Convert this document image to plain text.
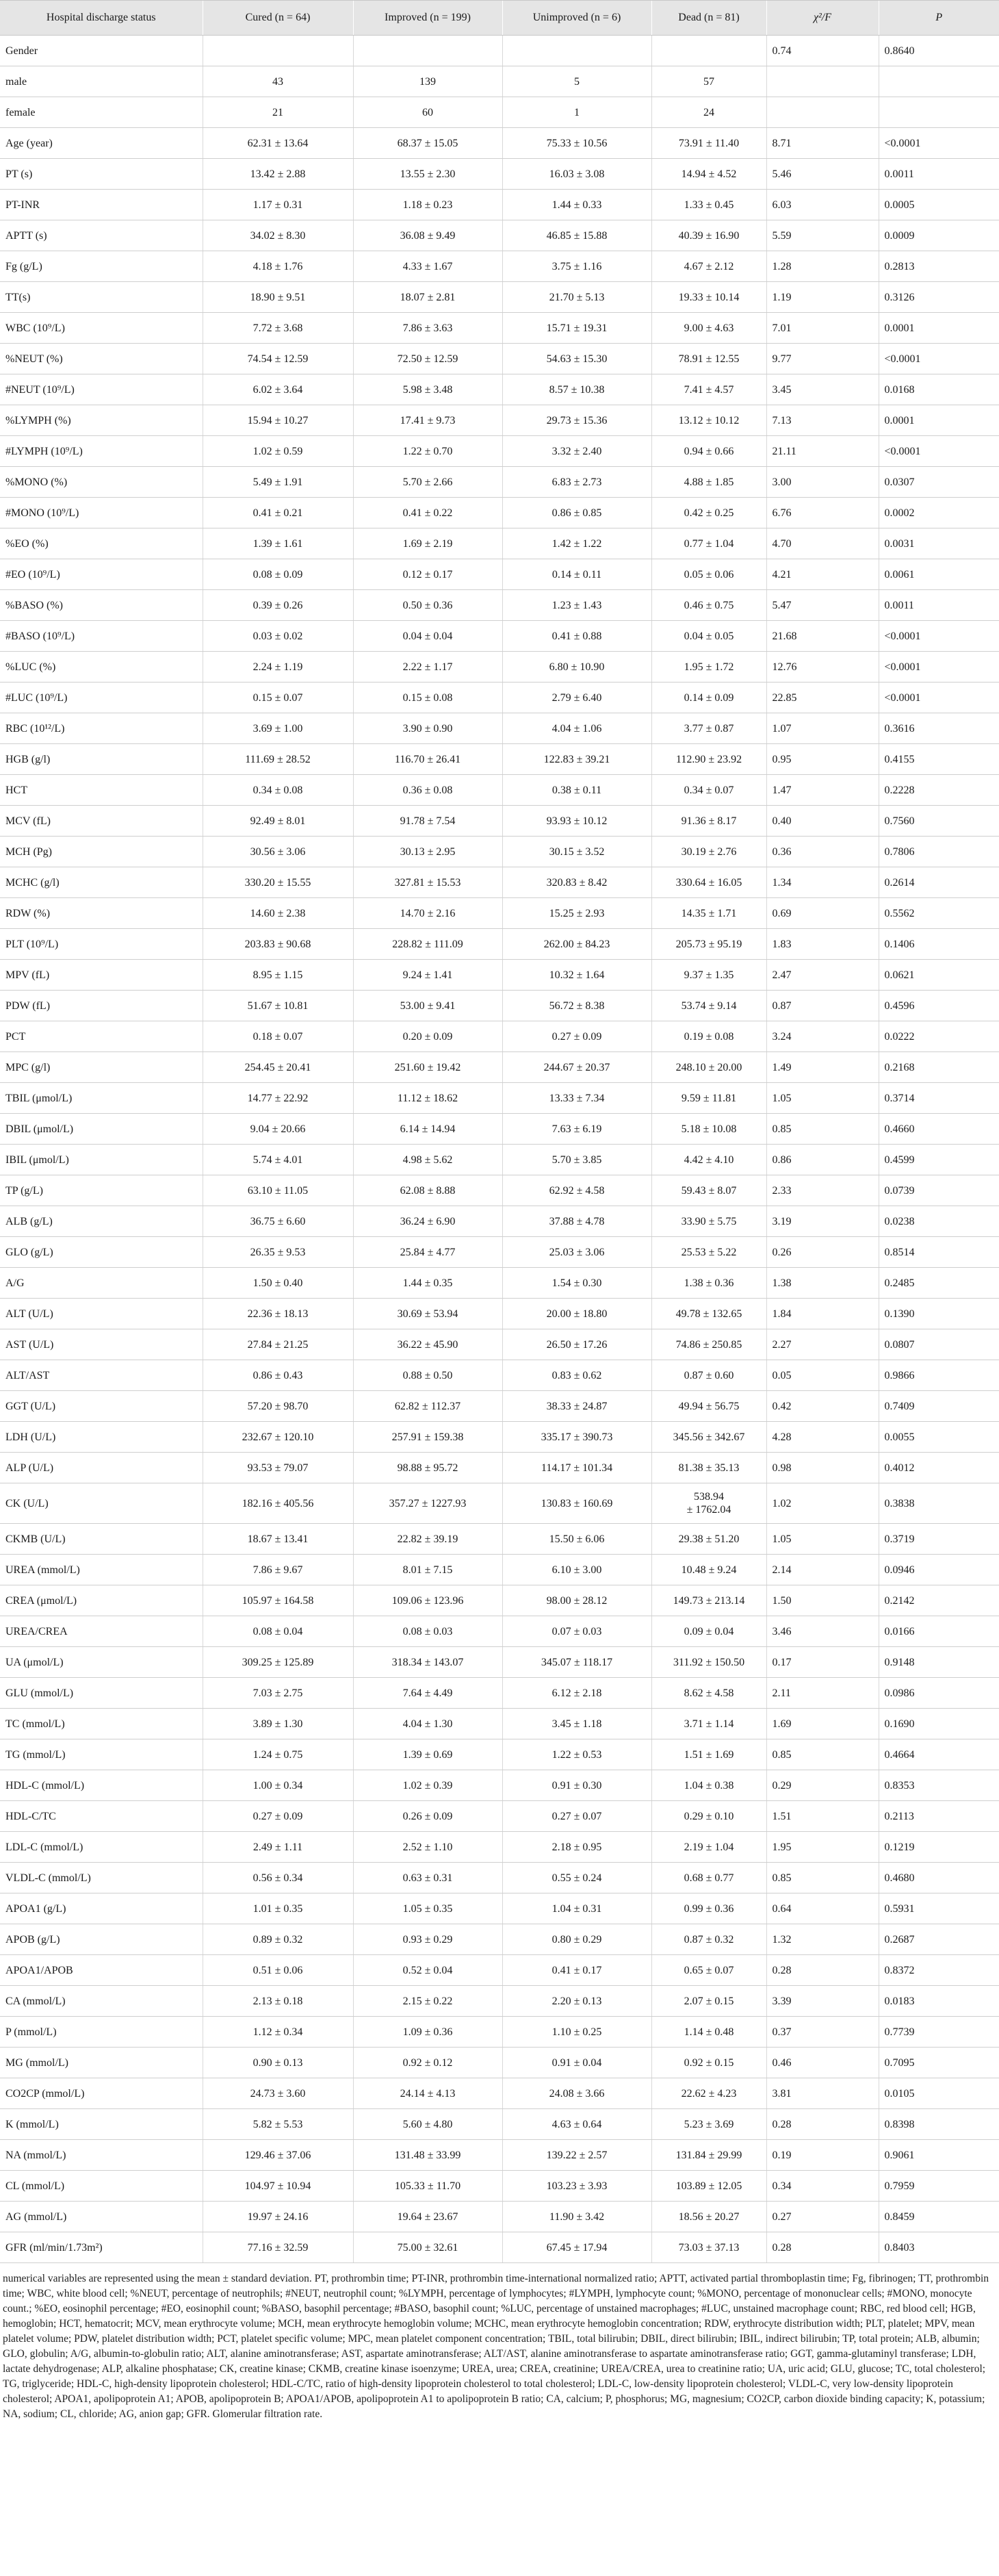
Hospital discharge status	Cured (n = 64)	Improved (n = 199)	Unimproved (n = 6)	Dead (n = 81)	χ²/F	P
Gender					0.74	0.8640
male	43	139	5	57		
female	21	60	1	24		
Age (year)	62.31 ± 13.64	68.37 ± 15.05	75.33 ± 10.56	73.91 ± 11.40	8.71	<0.0001
PT (s)	13.42 ± 2.88	13.55 ± 2.30	16.03 ± 3.08	14.94 ± 4.52	5.46	0.0011
PT-INR	1.17 ± 0.31	1.18 ± 0.23	1.44 ± 0.33	1.33 ± 0.45	6.03	0.0005
APTT (s)	34.02 ± 8.30	36.08 ± 9.49	46.85 ± 15.88	40.39 ± 16.90	5.59	0.0009
Fg (g/L)	4.18 ± 1.76	4.33 ± 1.67	3.75 ± 1.16	4.67 ± 2.12	1.28	0.2813
TT(s)	18.90 ± 9.51	18.07 ± 2.81	21.70 ± 5.13	19.33 ± 10.14	1.19	0.3126
WBC (10⁹/L)	7.72 ± 3.68	7.86 ± 3.63	15.71 ± 19.31	9.00 ± 4.63	7.01	0.0001
%NEUT (%)	74.54 ± 12.59	72.50 ± 12.59	54.63 ± 15.30	78.91 ± 12.55	9.77	<0.0001
#NEUT (10⁹/L)	6.02 ± 3.64	5.98 ± 3.48	8.57 ± 10.38	7.41 ± 4.57	3.45	0.0168
%LYMPH (%)	15.94 ± 10.27	17.41 ± 9.73	29.73 ± 15.36	13.12 ± 10.12	7.13	0.0001
#LYMPH (10⁹/L)	1.02 ± 0.59	1.22 ± 0.70	3.32 ± 2.40	0.94 ± 0.66	21.11	<0.0001
%MONO (%)	5.49 ± 1.91	5.70 ± 2.66	6.83 ± 2.73	4.88 ± 1.85	3.00	0.0307
#MONO (10⁹/L)	0.41 ± 0.21	0.41 ± 0.22	0.86 ± 0.85	0.42 ± 0.25	6.76	0.0002
%EO (%)	1.39 ± 1.61	1.69 ± 2.19	1.42 ± 1.22	0.77 ± 1.04	4.70	0.0031
#EO (10⁹/L)	0.08 ± 0.09	0.12 ± 0.17	0.14 ± 0.11	0.05 ± 0.06	4.21	0.0061
%BASO (%)	0.39 ± 0.26	0.50 ± 0.36	1.23 ± 1.43	0.46 ± 0.75	5.47	0.0011
#BASO (10⁹/L)	0.03 ± 0.02	0.04 ± 0.04	0.41 ± 0.88	0.04 ± 0.05	21.68	<0.0001
%LUC (%)	2.24 ± 1.19	2.22 ± 1.17	6.80 ± 10.90	1.95 ± 1.72	12.76	<0.0001
#LUC (10⁹/L)	0.15 ± 0.07	0.15 ± 0.08	2.79 ± 6.40	0.14 ± 0.09	22.85	<0.0001
RBC (10¹²/L)	3.69 ± 1.00	3.90 ± 0.90	4.04 ± 1.06	3.77 ± 0.87	1.07	0.3616
HGB (g/l)	111.69 ± 28.52	116.70 ± 26.41	122.83 ± 39.21	112.90 ± 23.92	0.95	0.4155
HCT	0.34 ± 0.08	0.36 ± 0.08	0.38 ± 0.11	0.34 ± 0.07	1.47	0.2228
MCV (fL)	92.49 ± 8.01	91.78 ± 7.54	93.93 ± 10.12	91.36 ± 8.17	0.40	0.7560
MCH (Pg)	30.56 ± 3.06	30.13 ± 2.95	30.15 ± 3.52	30.19 ± 2.76	0.36	0.7806
MCHC (g/l)	330.20 ± 15.55	327.81 ± 15.53	320.83 ± 8.42	330.64 ± 16.05	1.34	0.2614
RDW (%)	14.60 ± 2.38	14.70 ± 2.16	15.25 ± 2.93	14.35 ± 1.71	0.69	0.5562
PLT (10⁹/L)	203.83 ± 90.68	228.82 ± 111.09	262.00 ± 84.23	205.73 ± 95.19	1.83	0.1406
MPV (fL)	8.95 ± 1.15	9.24 ± 1.41	10.32 ± 1.64	9.37 ± 1.35	2.47	0.0621
PDW (fL)	51.67 ± 10.81	53.00 ± 9.41	56.72 ± 8.38	53.74 ± 9.14	0.87	0.4596
PCT	0.18 ± 0.07	0.20 ± 0.09	0.27 ± 0.09	0.19 ± 0.08	3.24	0.0222
MPC (g/l)	254.45 ± 20.41	251.60 ± 19.42	244.67 ± 20.37	248.10 ± 20.00	1.49	0.2168
TBIL (μmol/L)	14.77 ± 22.92	11.12 ± 18.62	13.33 ± 7.34	9.59 ± 11.81	1.05	0.3714
DBIL (μmol/L)	9.04 ± 20.66	6.14 ± 14.94	7.63 ± 6.19	5.18 ± 10.08	0.85	0.4660
IBIL (μmol/L)	5.74 ± 4.01	4.98 ± 5.62	5.70 ± 3.85	4.42 ± 4.10	0.86	0.4599
TP (g/L)	63.10 ± 11.05	62.08 ± 8.88	62.92 ± 4.58	59.43 ± 8.07	2.33	0.0739
ALB (g/L)	36.75 ± 6.60	36.24 ± 6.90	37.88 ± 4.78	33.90 ± 5.75	3.19	0.0238
GLO (g/L)	26.35 ± 9.53	25.84 ± 4.77	25.03 ± 3.06	25.53 ± 5.22	0.26	0.8514
A/G	1.50 ± 0.40	1.44 ± 0.35	1.54 ± 0.30	1.38 ± 0.36	1.38	0.2485
ALT (U/L)	22.36 ± 18.13	30.69 ± 53.94	20.00 ± 18.80	49.78 ± 132.65	1.84	0.1390
AST (U/L)	27.84 ± 21.25	36.22 ± 45.90	26.50 ± 17.26	74.86 ± 250.85	2.27	0.0807
ALT/AST	0.86 ± 0.43	0.88 ± 0.50	0.83 ± 0.62	0.87 ± 0.60	0.05	0.9866
GGT (U/L)	57.20 ± 98.70	62.82 ± 112.37	38.33 ± 24.87	49.94 ± 56.75	0.42	0.7409
LDH (U/L)	232.67 ± 120.10	257.91 ± 159.38	335.17 ± 390.73	345.56 ± 342.67	4.28	0.0055
ALP (U/L)	93.53 ± 79.07	98.88 ± 95.72	114.17 ± 101.34	81.38 ± 35.13	0.98	0.4012
CK (U/L)	182.16 ± 405.56	357.27 ± 1227.93	130.83 ± 160.69	538.94
± 1762.04	1.02	0.3838
CKMB (U/L)	18.67 ± 13.41	22.82 ± 39.19	15.50 ± 6.06	29.38 ± 51.20	1.05	0.3719
UREA (mmol/L)	7.86 ± 9.67	8.01 ± 7.15	6.10 ± 3.00	10.48 ± 9.24	2.14	0.0946
CREA (μmol/L)	105.97 ± 164.58	109.06 ± 123.96	98.00 ± 28.12	149.73 ± 213.14	1.50	0.2142
UREA/CREA	0.08 ± 0.04	0.08 ± 0.03	0.07 ± 0.03	0.09 ± 0.04	3.46	0.0166
UA (μmol/L)	309.25 ± 125.89	318.34 ± 143.07	345.07 ± 118.17	311.92 ± 150.50	0.17	0.9148
GLU (mmol/L)	7.03 ± 2.75	7.64 ± 4.49	6.12 ± 2.18	8.62 ± 4.58	2.11	0.0986
TC (mmol/L)	3.89 ± 1.30	4.04 ± 1.30	3.45 ± 1.18	3.71 ± 1.14	1.69	0.1690
TG (mmol/L)	1.24 ± 0.75	1.39 ± 0.69	1.22 ± 0.53	1.51 ± 1.69	0.85	0.4664
HDL-C (mmol/L)	1.00 ± 0.34	1.02 ± 0.39	0.91 ± 0.30	1.04 ± 0.38	0.29	0.8353
HDL-C/TC	0.27 ± 0.09	0.26 ± 0.09	0.27 ± 0.07	0.29 ± 0.10	1.51	0.2113
LDL-C (mmol/L)	2.49 ± 1.11	2.52 ± 1.10	2.18 ± 0.95	2.19 ± 1.04	1.95	0.1219
VLDL-C (mmol/L)	0.56 ± 0.34	0.63 ± 0.31	0.55 ± 0.24	0.68 ± 0.77	0.85	0.4680
APOA1 (g/L)	1.01 ± 0.35	1.05 ± 0.35	1.04 ± 0.31	0.99 ± 0.36	0.64	0.5931
APOB (g/L)	0.89 ± 0.32	0.93 ± 0.29	0.80 ± 0.29	0.87 ± 0.32	1.32	0.2687
APOA1/APOB	0.51 ± 0.06	0.52 ± 0.04	0.41 ± 0.17	0.65 ± 0.07	0.28	0.8372
CA (mmol/L)	2.13 ± 0.18	2.15 ± 0.22	2.20 ± 0.13	2.07 ± 0.15	3.39	0.0183
P (mmol/L)	1.12 ± 0.34	1.09 ± 0.36	1.10 ± 0.25	1.14 ± 0.48	0.37	0.7739
MG (mmol/L)	0.90 ± 0.13	0.92 ± 0.12	0.91 ± 0.04	0.92 ± 0.15	0.46	0.7095
CO2CP (mmol/L)	24.73 ± 3.60	24.14 ± 4.13	24.08 ± 3.66	22.62 ± 4.23	3.81	0.0105
K (mmol/L)	5.82 ± 5.53	5.60 ± 4.80	4.63 ± 0.64	5.23 ± 3.69	0.28	0.8398
NA (mmol/L)	129.46 ± 37.06	131.48 ± 33.99	139.22 ± 2.57	131.84 ± 29.99	0.19	0.9061
CL (mmol/L)	104.97 ± 10.94	105.33 ± 11.70	103.23 ± 3.93	103.89 ± 12.05	0.34	0.7959
AG (mmol/L)	19.97 ± 24.16	19.64 ± 23.67	11.90 ± 3.42	18.56 ± 20.27	0.27	0.8459
GFR (ml/min/1.73m²)	77.16 ± 32.59	75.00 ± 32.61	67.45 ± 17.94	73.03 ± 37.13	0.28	0.8403
numerical variables are represented using the mean ± standard deviation. PT, prothrombin time; PT-INR, prothrombin time-international normalized ratio; APTT, activated partial thromboplastin time; Fg, fibrinogen; TT, prothrombin time; WBC, white blood cell; %NEUT, percentage of neutrophils; #NEUT, neutrophil count; %LYMPH, percentage of lymphocytes; #LYMPH, lymphocyte count; %MONO, percentage of mononuclear cells; #MONO, monocyte count.; %EO, eosinophil percentage; #EO, eosinophil count; %BASO, basophil percentage; #BASO, basophil count; %LUC, percentage of unstained macrophages; #LUC, unstained macrophage count; RBC, red blood cell; HGB, hemoglobin; HCT, hematocrit; MCV, mean erythrocyte volume; MCH, mean erythrocyte hemoglobin volume; MCHC, mean erythrocyte hemoglobin concentration; RDW, erythrocyte distribution width; PLT, platelet; MPV, mean platelet volume; PDW, platelet distribution width; PCT, platelet specific volume; MPC, mean platelet component concentration; TBIL, total bilirubin; DBIL, direct bilirubin; IBIL, indirect bilirubin; TP, total protein; ALB, albumin; GLO, globulin; A/G, albumin-to-globulin ratio; ALT, alanine aminotransferase; AST, aspartate aminotransferase; ALT/AST, alanine aminotransferase to aspartate aminotransferase ratio; GGT, gamma-glutaminyl transferase; LDH, lactate dehydrogenase; ALP, alkaline phosphatase; CK, creatine kinase; CKMB, creatine kinase isoenzyme; UREA, urea; CREA, creatinine; UREA/CREA, urea to creatinine ratio; UA, uric acid; GLU, glucose; TC, total cholesterol; TG, triglyceride; HDL-C, high-density lipoprotein cholesterol; HDL-C/TC, ratio of high-density lipoprotein cholesterol to total cholesterol; LDL-C, low-density lipoprotein cholesterol; VLDL-C, very low-density lipoprotein cholesterol; APOA1, apolipoprotein A1; APOB, apolipoprotein B; APOA1/APOB, apolipoprotein A1 to apolipoprotein B ratio; CA, calcium; P, phosphorus; MG, magnesium; CO2CP, carbon dioxide binding capacity; K, potassium; NA, sodium; CL, chloride; AG, anion gap; GFR. Glomerular filtration rate.
